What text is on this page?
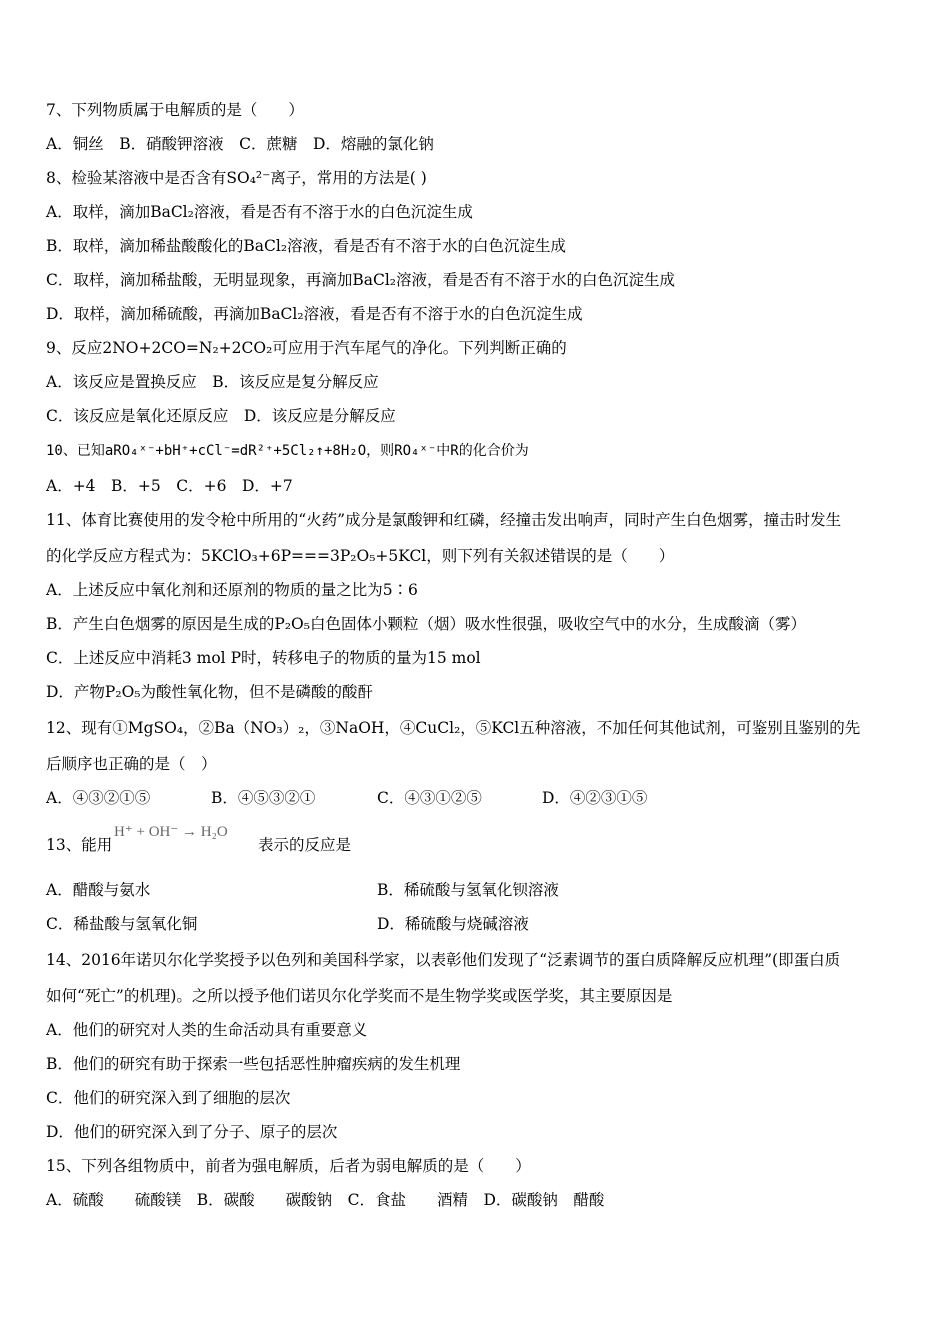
7、下列物质属于电解质的是（　　）
A．铜丝　B．硝酸钾溶液　C．蔗糖　D．熔融的氯化钠
8、检验某溶液中是否含有SO₄²⁻离子，常用的方法是( )
A．取样，滴加BaCl₂溶液，看是否有不溶于水的白色沉淀生成
B．取样，滴加稀盐酸酸化的BaCl₂溶液，看是否有不溶于水的白色沉淀生成
C．取样，滴加稀盐酸，无明显现象，再滴加BaCl₂溶液，看是否有不溶于水的白色沉淀生成
D．取样，滴加稀硫酸，再滴加BaCl₂溶液，看是否有不溶于水的白色沉淀生成
9、反应2NO+2CO=N₂+2CO₂可应用于汽车尾气的净化。下列判断正确的
A．该反应是置换反应　B．该反应是复分解反应
C．该反应是氧化还原反应　D．该反应是分解反应
10、已知aRO₄ˣ⁻+bH⁺+cCl⁻=dR²⁺+5Cl₂↑+8H₂O，则RO₄ˣ⁻中R的化合价为
A．+4　B．+5　C．+6　D．+7
11、体育比赛使用的发令枪中所用的“火药”成分是氯酸钾和红磷，经撞击发出响声，同时产生白色烟雾，撞击时发生
的化学反应方程式为：5KClO₃+6P===3P₂O₅+5KCl，则下列有关叙述错误的是（　　）
A．上述反应中氧化剂和还原剂的物质的量之比为5∶6
B．产生白色烟雾的原因是生成的P₂O₅白色固体小颗粒（烟）吸水性很强，吸收空气中的水分，生成酸滴（雾）
C．上述反应中消耗3 mol P时，转移电子的物质的量为15 mol
D．产物P₂O₅为酸性氧化物，但不是磷酸的酸酐
12、现有①MgSO₄，②Ba（NO₃）₂，③NaOH，④CuCl₂，⑤KCl五种溶液，不加任何其他试剂，可鉴别且鉴别的先
后顺序也正确的是（　）
A．④③②①⑤	B．④⑤③②①	C．④③①②⑤	D．④②③①⑤
13、能用
H⁺ + OH⁻ → H₂O
表示的反应是
A．醋酸与氨水	B．稀硫酸与氢氧化钡溶液
C．稀盐酸与氢氧化铜	D．稀硫酸与烧碱溶液
14、2016年诺贝尔化学奖授予以色列和美国科学家，以表彰他们发现了“泛素调节的蛋白质降解反应机理”(即蛋白质
如何“死亡”的机理)。之所以授予他们诺贝尔化学奖而不是生物学奖或医学奖，其主要原因是
A．他们的研究对人类的生命活动具有重要意义
B．他们的研究有助于探索一些包括恶性肿瘤疾病的发生机理
C．他们的研究深入到了细胞的层次
D．他们的研究深入到了分子、原子的层次
15、下列各组物质中，前者为强电解质，后者为弱电解质的是（　　）
A．硫酸　　硫酸镁　B．碳酸　　碳酸钠　C．食盐　　酒精　D．碳酸钠　醋酸
